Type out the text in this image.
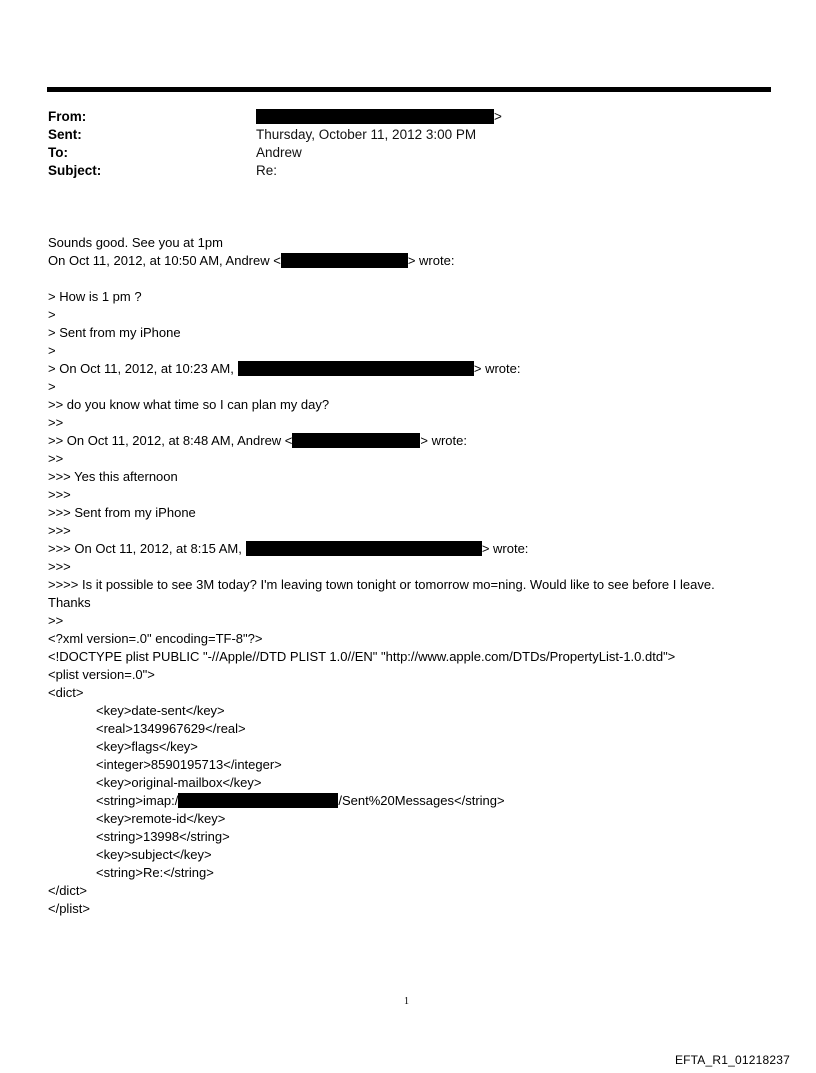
From:	>
Sent:	Thursday, October 11, 2012 3:00 PM
To:	Andrew
Subject:	Re:
Sounds good. See you at 1pm
On Oct 11, 2012, at 10:50 AM, Andrew <	> wrote:
> How is 1 pm ?
>
> Sent from my iPhone
>
> On Oct 11, 2012, at 10:23 AM,	> wrote:
>
>> do you know what time so I can plan my day?
>>
>> On Oct 11, 2012, at 8:48 AM, Andrew <	> wrote:
>>
>>> Yes this afternoon
>>>
>>> Sent from my iPhone
>>>
>>> On Oct 11, 2012, at 8:15 AM,	> wrote:
>>>
>>>> Is it possible to see 3M today? I'm leaving town tonight or tomorrow mo=ning. Would like to see before I leave.
Thanks
>>
<?xml version=.0" encoding=TF-8"?>
<!DOCTYPE plist PUBLIC "-//Apple//DTD PLIST 1.0//EN" "http://www.apple.com/DTDs/PropertyList-1.0.dtd">
<plist version=.0">
<dict>
<key>date-sent</key>
<real>1349967629</real>
<key>flags</key>
<integer>8590195713</integer>
<key>original-mailbox</key>
<string>imap:/	/Sent%20Messages</string>
<key>remote-id</key>
<string>13998</string>
<key>subject</key>
<string>Re:</string>
</dict>
</plist>
1
EFTA_R1_01218237
